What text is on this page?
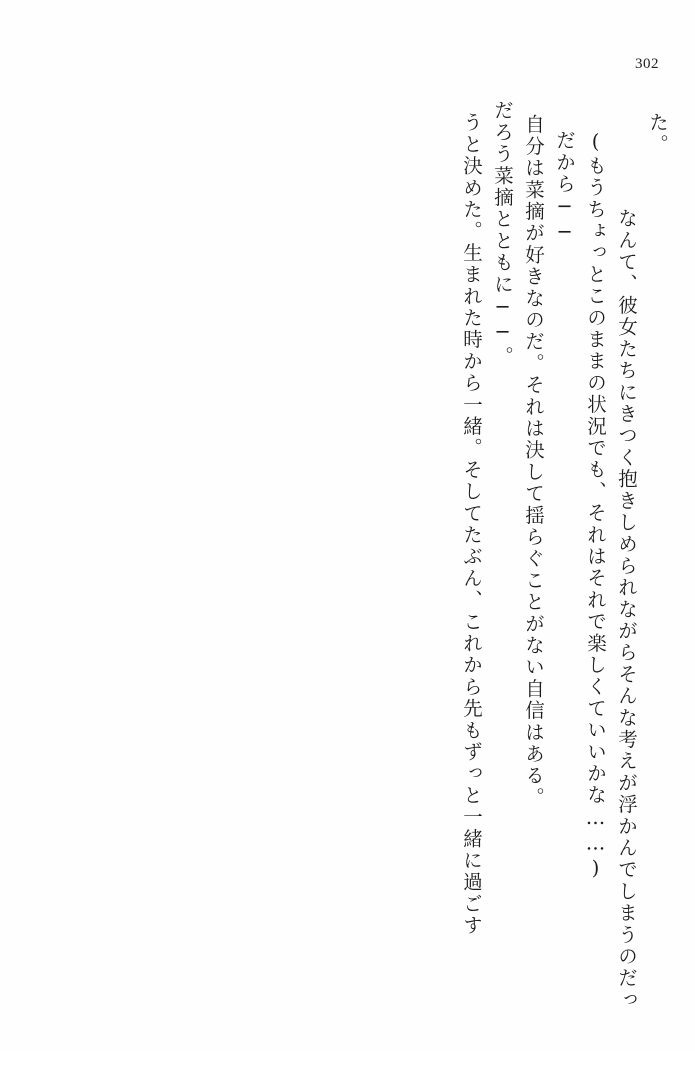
302
うと決めた。生まれた時から一緒。そしてたぶん、これから先もずっと一緒に過ごす だろう菜摘とともに──。 自分は菜摘が好きなのだ。それは決して揺らぐことがない自信はある。 だから── (もうちょっとこのままの状況でも、それはそれで楽しくていいかな……) なんて、彼女たちにきつく抱きしめられながらそんな考えが浮かんでしまうのだっ
た。
